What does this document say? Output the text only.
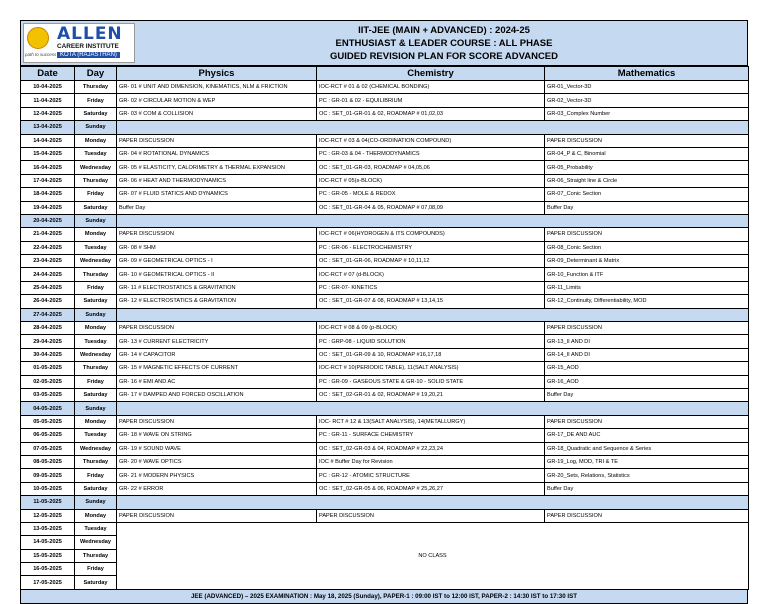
path to success
ALLEN
CAREER INSTITUTE
KOTA (RAJASTHAN)
IIT-JEE (MAIN + ADVANCED) : 2024-25
ENTHUSIAST & LEADER COURSE : ALL PHASE
GUIDED REVISION PLAN FOR SCORE ADVANCED
Date	Day	Physics	Chemistry	Mathematics
10-04-2025	Thursday	GR- 01 # UNIT AND DIMENSION, KINEMATICS, NLM & FRICTION	IOC-RCT # 01 & 02 (CHEMICAL BONDING)	GR-01_Vector-3D
11-04-2025	Friday	GR- 02 # CIRCULAR MOTION & WEP	PC : GR-01 & 02 - EQUILIBRIUM	GR-02_Vector-3D
12-04-2025	Saturday	GR- 03 # COM & COLLISION	OC : SET_01-GR-01 & 02, ROADMAP # 01,02,03	GR-03_Complex Number
13-04-2025	Sunday			
14-04-2025	Monday	PAPER DISCUSSION	IOC-RCT # 03 & 04(CO-ORDINATION COMPOUND)	PAPER DISCUSSION
15-04-2025	Tuesday	GR- 04 # ROTATIONAL DYNAMICS	PC : GR-03 & 04 - THERMODYNAMICS	GR-04_P & C, Binomial
16-04-2025	Wednesday	GR- 05 # ELASTICITY, CALORIMETRY & THERMAL EXPANSION	OC : SET_01-GR-03, ROADMAP # 04,05,06	GR-05_Probability
17-04-2025	Thursday	GR- 06 # HEAT AND THERMODYNAMICS	IOC-RCT # 05(s-BLOCK)	GR-06_Straight line & Circle
18-04-2025	Friday	GR- 07 # FLUID STATICS AND DYNAMICS	PC : GR-05 - MOLE & REDOX	GR-07_Conic Section
19-04-2025	Saturday	Buffer Day	OC : SET_01-GR-04 & 05, ROADMAP # 07,08,09	Buffer Day
20-04-2025	Sunday			
21-04-2025	Monday	PAPER DISCUSSION	IOC-RCT # 06(HYDROGEN & ITS COMPOUNDS)	PAPER DISCUSSION
22-04-2025	Tuesday	GR- 08 # SHM	PC : GR-06 - ELECTROCHEMISTRY	GR-08_Conic Section
23-04-2025	Wednesday	GR- 09 # GEOMETRICAL OPTICS - I	OC : SET_01-GR-06, ROADMAP # 10,11,12	GR-09_Determinant & Matrix
24-04-2025	Thursday	GR- 10 # GEOMETRICAL OPTICS - II	IOC-RCT # 07 (d-BLOCK)	GR-10_Function & ITF
25-04-2025	Friday	GR- 11 # ELECTROSTATICS & GRAVITATION	PC : GR-07- KINETICS	GR-11_Limits
26-04-2025	Saturday	GR- 12 # ELECTROSTATICS & GRAVITATION	OC : SET_01-GR-07 & 08, ROADMAP # 13,14,15	GR-12_Continuity, Differentiability, MOD
27-04-2025	Sunday			
28-04-2025	Monday	PAPER DISCUSSION	IOC-RCT # 08 & 09 (p-BLOCK)	PAPER DISCUSSION
29-04-2025	Tuesday	GR- 13 # CURRENT ELECTRICITY	PC : GRP-08 - LIQUID SOLUTION	GR-13_II AND DI
30-04-2025	Wednesday	GR- 14 # CAPACITOR	OC : SET_01-GR-09 & 10, ROADMAP #16,17,18	GR-14_II AND DI
01-05-2025	Thursday	GR- 15 # MAGNETIC EFFECTS OF CURRENT	IOC-RCT # 10(PERIODIC TABLE), 11(SALT ANALYSIS)	GR-15_AOD
02-05-2025	Friday	GR- 16 # EMI AND AC	PC : GR-09 - GASEOUS STATE & GR-10 - SOLID STATE	GR-16_AOD
03-05-2025	Saturday	GR- 17 # DAMPED AND FORCED OSCILLATION	OC : SET_02-GR-01 & 02, ROADMAP # 19,20,21	Buffer Day
04-05-2025	Sunday			
05-05-2025	Monday	PAPER DISCUSSION	IOC- RCT # 12 & 13(SALT ANALYSIS), 14(METALLURGY)	PAPER DISCUSSION
06-05-2025	Tuesday	GR- 18 # WAVE ON STRING	PC : GR-11 - SURFACE CHEMISTRY	GR-17_DE AND AUC
07-05-2025	Wednesday	GR- 19 # SOUND WAVE	OC : SET_02-GR-03 & 04, ROADMAP # 22,23,24	GR-18_Quadratic and Sequence & Series
08-05-2025	Thursday	GR- 20 # WAVE OPTICS	IOC # Buffer Day for Revision	GR-19_Log, MOD, TRI & TE
09-05-2025	Friday	GR- 21 # MODERN PHYSICS	PC : GR-12 - ATOMIC STRUCTURE	GR-20_Sets, Relations, Statistics
10-05-2025	Saturday	GR- 22 # ERROR	OC : SET_02-GR-05 & 06, ROADMAP # 25,26,27	Buffer Day
11-05-2025	Sunday			
12-05-2025	Monday	PAPER DISCUSSION	PAPER DISCUSSION	PAPER DISCUSSION
13-05-2025	Tuesday	NO CLASS		
14-05-2025	Wednesday			
15-05-2025	Thursday			
16-05-2025	Friday			
17-05-2025	Saturday			
JEE (ADVANCED) – 2025 EXAMINATION : May 18, 2025 (Sunday), PAPER-1 : 09:00 IST to 12:00 IST, PAPER-2 : 14:30 IST to 17:30 IST
